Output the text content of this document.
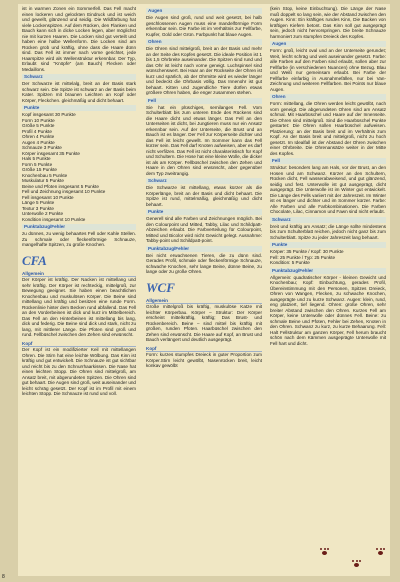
ist in warmen Zonen ein Sommerfell. Das Fell macht einen lockeren und gelockten Eindruck und ist weich und gewellt, glänzend und seidig. Die Wildfärbung hat viele Lockenspitzen. Auf dem Rücken, den Flanken und Bauch kann sich in dicke Locken legen, aber möglichst nie mit kurzen Haaren. Die Locken sind gut verteilt und haben eine halbe Wellenform. Die Locken sind am Rücken grob und kräftig, ohne dass die Haare dünn sind. Das Fell ist immer nach vorne gerichtet, jede Haarspitze wird als Wellenstruktur erkennbar. Der Typ, Erlaubt sind "Knöpfe" (am Bauch) Flecken oder Medaillons.
Schwarz
Der Schwarze ist mittelalg, breit an der Basis stark schwarz sein. Die Spitze ist schwarz an der Basis beim Kater. Spitzen mit braunen Leichten an Kopf oder Körper, Fleckchen. gleichmäßig und dicht behaart.
Punkte
Kopf insgesamt 30 Punkte
Form 10 Punkte
Größe 5 Punkte
Profil 4 Punkte
Ohren 4 Punkte
Augen 4 Punkte
Schnauze 3 Punkte
Körper insgesamt 35 Punkte
Hals 5 Punkte
Form 5 Punkte
Größe 15 Punkte
Knochenbau 5 Punkte
Muskulatur 5 Punkte
Beine und Pfoten insgesamt 5 Punkte
Fell und Zeichnung insgesamt 10 Punkte
Fell insgesamt 10 Punkte
Länge 5 Punkte
Textur 3 Punkte
Unterwolle 2 Punkte
Kondition insgesamt 10 Punkte
Punktabzug/Fehler
zu dünnes, zu wenig behaartes Fell oder Kahle Stellen. Zu schmale oder fleckenförmige Schnauze, mangelhafte Spitzen, zu große Knochen.
CFA
Allgemein
Der Körper ist kräftig. Der Nacken ist mittellang und sehr kräftig. Der Körper ist rechteckig, mittelgroß, zur Bewegung geeignet. Sie haben einen beachtlichen Knochenbau und muskulösen Körper. Die Beine sind mittellang und kräftig und besitzen eine runde Form. Rückenlinie hinter dem Becken rund abfallend. Das Fell an den Vorderbeinen ist dick und kurz im Mittelbereich. Das Fell an den Hinterbeinen ist mittellang bis lang, dick und federig. Die Beine sind dick und stark, nicht zu lang, mit mittlerer Länge. Die Pfoten sind groß und rund. Fellbüschel zwischen den Zehen sind erwünscht.
Kopf
Der Kopf ist ein modifizierter Keil mit mittellangen Ohren. Die Stirn hat eine leichte Wölbung. Das Kinn ist kräftig und gut entwickelt. Die Schnauze ist gut sichtbar und reicht bis zu den Schnurrhaarkissen. Die Nase hat einen leichten Stopp. Die Ohren sind mittelgroß, am Ansatz breit, mit abgerundeten Spitzen. Die Ohren sind gut behaart. Die Augen sind groß, weit auseinander und leicht schräg gesetzt. Der Kopf ist im Profil mit einem leichten Stopp. Die Schnauze ist rund und voll.
Augen
Die Augen sind groß, rund und weit gesetzt, bei halb geschlossenen Augen muss eine mandelförmige Form erkennbar sein. Die Farbe ist im Verhältnis zur Fellfarbe, Kupfer, Gold oder Grün. Farbpunkt hat blaue Augen.
Ohren
Die Ohren sind mittelgroß, breit an der Basis und mehr an der Seite des Kopfes gesetzt. Die ideale Position ist 1 bis 1,5 Ohrbreite auseinander. Die Spitzen sind rund und das Ohr ist leicht nach vorne geneigt. Luchspinsel sind wünschenswert. Bei Haar an der Rückseite der Ohren ist kurz und spärlich, ab der Ohrmitte wird es wieder länger und bedeckt die Ohrbasis völlig. Das Innenohr ist gut behaart. Kitten und Jugendliche Tiere dürfen etwas größere Ohren haben, die enger zusammen stehen.
Fell
Sie hat ein plüschiges, semilanges Fell. Vom Schulterblatt bis zum unteren Ende des Rückens sind die Haare dicht und etwas länger. Das Fell an den Unterseiten ist dicht, bei Jungtieren muss nur ein Ansatz erkennbar sein. Auf der Unterseite, die Brust und an Bauch ist es länger. Der Fell zur Körperseite dichter und das Fell ist leicht gewellt. Im Sommer kann das Fell kürzer sein. Das Fell darf Knoten aufweisen, aber es darf nicht verfilzen. Das Fell ist nicht charakteristisch für Kopf und Schultern. Die Hose hat eine kleine Wolle, die dicker ist als am Körper. Fellbüschel zwischen den Zehen und Haare in den Ohren sind erwünscht, aber gegenüber dem Typ zweitrangig.
Schwarz
Die Schwarze ist mittellang, etwas kürzer als die Körperlänge, breit an der Basis und dicht behaart. Die Spitze ist rund, mittelmäßig, gleichmäßig und dicht behaart.
Punkte
Generell sind alle Farben und Zeichnungen möglich. Bei den Colourpoint und Mitted, Tabby, Lilac und Schildpatt-Abzeichen erlaubt. Die Farbverteilung für Colourpoint, Mitted und Bicolor wird nicht Gewicht gelegt. Ausnahme: Tabby-point und Schildpatt-point.
Punktabzug/Fehler
Bei nicht erwachsenen Tieren, die zu dünn sind. Gerades Profil, schmale oder fleckenförmige Schnauze, schwache Knochen, sehr lange Beine, dünne Beine, zu lange oder zu große Ohren.
WCF
Allgemein
Große mittelgroß bis kräftig, muskulöse Katze mit leichter Körperbau. Körper – Struktur: Der Körper erscheint mittelkräftig, kräftig; Das Brust- und Rückenbereich. Beine – sind mittel bis kräftig mit großen, runden Pfoten. Haarbüschel zwischen den Zehen sind erwünscht. Die Haare auf Kopf, an Brust und Bauch verlängert und deutlich ausgeprägt.
Kopf
Form: kurzes stumpfes Dreieck in guter Proportion zum Körper.Stirn leicht gewölbt, Nasenrücken breit, leicht konkav gewölbt
(kein Stop, keine Einbuchtung). Die Länge der Nase muß doppelt so lang sein, wie der Abstand zwischen den Augen. Kinn: Ein kräftiges rundes Kinn, Die Backen von kräftigen Kiefern betont. Das Kinn soll gut ausgeprägt sein, jedoch nicht hervorspringen. Die breite Schnauze harmoniert zum stumpfen Dreieck des Kopfes.
Augen
Form: groß, leicht oval und an der Unterseite gerundet; Weit, leicht schräg und weit auseinander gesetzt. Farbe: alle Farben auf den Farben sind erlaubt, sollen aber zur Fellfarbe (in verschiedenen Nuancen) ohne Bezug. Blau und Weiß nur gemeinsam erlaubt. Bei Farbe der Fellfarbe einfarbig in Ausnahmefällen, nur bei Van-Zeichnung und weiteren Fellfarben. Bei Points nur blaue Augen.
Ohren
Form: mittellang, die Ohren werden leicht gewölbt, nach vorn geneigt. Die abgerundeten Ohren sind am Ansatz schmal. Mit Haarbüschel und Haare auf der Innenseite. Die Ohren sind mittelgroß. Sind die Haarbüschel Punkte gestartet: Die Ohren sollen Haarbüschel aufweisen. Platzierung: an der Basis breit und im Verhältnis zum Kopf. An der Basis breit und mittelgroß, nicht zu hoch gesetzt. Im Idealfall ist der Abstand der Ohren zwischen einer Ohrbreite. Die Ohrenansätze weiter in der Mitte des Kopfes.
Fell
Struktur: besonders lang am Hals, vor der Brust, an den Hosen und am Schwanz. Kürzer an den Schultern, Rücken dicht, Fell wasserabweisend, und gut glänzend, seidig und fest. Unterwolle ist gut ausgeprägt, dicht ausgeprägt. Die Unterwolle ist im Winter gut entwickelt. Die Länge des Fells variiert mit der Jahreszeit. Im Winter ist es länger und dichter und im Sommer kürzer. Farbe: Alle Farben und alle Farbkombinationen. Die Farben Chocolate, Lilac, Cinnamon und Fawn sind nicht erlaubt.
Schwarz
breit und kräftig am Ansatz; die Länge sollte mindestens bis zum Schulterblatt reichen, jedoch nicht ganz bis zum Schulterblatt. Spitze zu jeder Jahreszeit lang behaart.
Punkte
Körper: 35 Punkte / Kopf: 30 Punkte
Fell: 25 Punkte / Typ: 25 Punkte
Kondition: 5 Punkte
Punktabzug/Fehler
Allgemein: quadratischer Körper - kleinen Gewicht und Knochenbau; Kopf: Einbuchtung, gerades Profil, Übereinstimmung mit den Personen, Spitzes Dreieck, Ohren von Wangen, Flecken, zu schwache Knochen, ausgeprägte und zu kurze Schwanz. Augen: klein, rund, eng platziert, tief liegend. Ohren: große Ohren, sehr breiter Abstand zwischen den Ohren. Kurzes Fell am Körper, keine Unterwolle oder dünnes Fell. Beine: zu schmale Beine und Pfoten, Fehler bei Zehen, Knoten in den Ohren. Schwanz zu kurz, zu kurze Behaarung. Fell: Halt Fellstruktur am ganzen Körper, Fell herum braucht schön nach dem Kämmen ausgeprägte Unterwolle mit Fell hart und dicht.
8
